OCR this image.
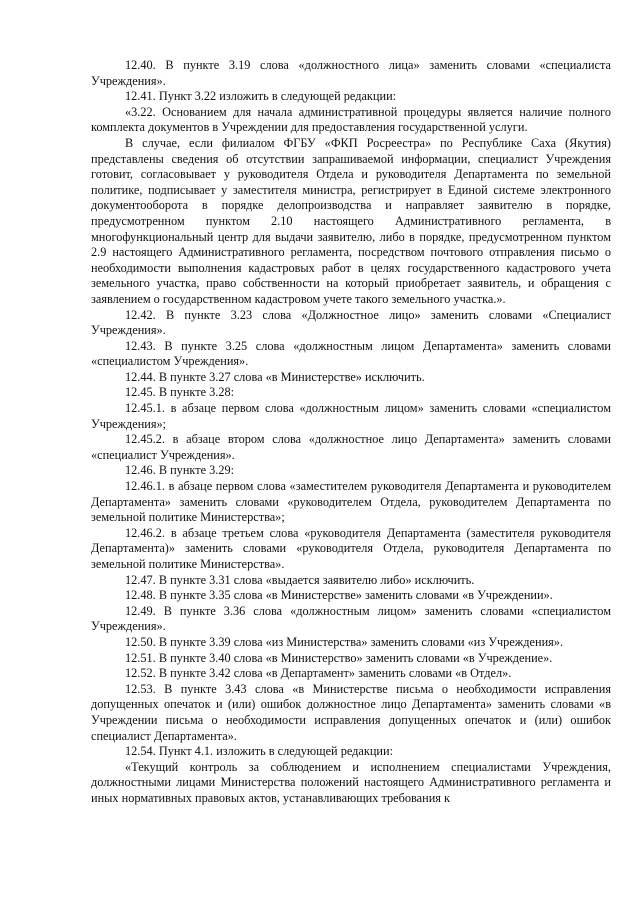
12.40. В пункте 3.19 слова «должностного лица» заменить словами «специалиста Учреждения».

12.41. Пункт 3.22 изложить в следующей редакции:

«3.22. Основанием для начала административной процедуры является наличие полного комплекта документов в Учреждении для предоставления государственной услуги.

В случае, если филиалом ФГБУ «ФКП Росреестра» по Республике Саха (Якутия) представлены сведения об отсутствии запрашиваемой информации, специалист Учреждения готовит, согласовывает у руководителя Отдела и руководителя Департамента по земельной политике, подписывает у заместителя министра, регистрирует в Единой системе электронного документооборота в порядке делопроизводства и направляет заявителю в порядке, предусмотренном пунктом 2.10 настоящего Административного регламента, в многофункциональный центр для выдачи заявителю, либо в порядке, предусмотренном пунктом 2.9 настоящего Административного регламента, посредством почтового отправления письмо о необходимости выполнения кадастровых работ в целях государственного кадастрового учета земельного участка, право собственности на который приобретает заявитель, и обращения с заявлением о государственном кадастровом учете такого земельного участка.».

12.42. В пункте 3.23 слова «Должностное лицо» заменить словами «Специалист Учреждения».

12.43. В пункте 3.25 слова «должностным лицом Департамента» заменить словами «специалистом Учреждения».

12.44. В пункте 3.27 слова «в Министерстве» исключить.

12.45. В пункте 3.28:

12.45.1. в абзаце первом слова «должностным лицом» заменить словами «специалистом Учреждения»;

12.45.2. в абзаце втором слова «должностное лицо Департамента» заменить словами «специалист Учреждения».

12.46. В пункте 3.29:

12.46.1. в абзаце первом слова «заместителем руководителя Департамента и руководителем Департамента» заменить словами «руководителем Отдела, руководителем Департамента по земельной политике Министерства»;

12.46.2. в абзаце третьем слова «руководителя Департамента (заместителя руководителя Департамента)» заменить словами «руководителя Отдела, руководителя Департамента по земельной политике Министерства».

12.47. В пункте 3.31 слова «выдается заявителю либо» исключить.

12.48. В пункте 3.35 слова «в Министерстве» заменить словами «в Учреждении».

12.49. В пункте 3.36 слова «должностным лицом» заменить словами «специалистом Учреждения».

12.50. В пункте 3.39 слова «из Министерства» заменить словами «из Учреждения».

12.51. В пункте 3.40 слова «в Министерство» заменить словами «в Учреждение».

12.52. В пункте 3.42 слова «в Департамент» заменить словами «в Отдел».

12.53. В пункте 3.43 слова «в Министерстве письма о необходимости исправления допущенных опечаток и (или) ошибок должностное лицо Департамента» заменить словами «в Учреждении письма о необходимости исправления допущенных опечаток и (или) ошибок специалист Департамента».

12.54. Пункт 4.1. изложить в следующей редакции:

«Текущий контроль за соблюдением и исполнением специалистами Учреждения, должностными лицами Министерства положений настоящего Административного регламента и иных нормативных правовых актов, устанавливающих требования к
